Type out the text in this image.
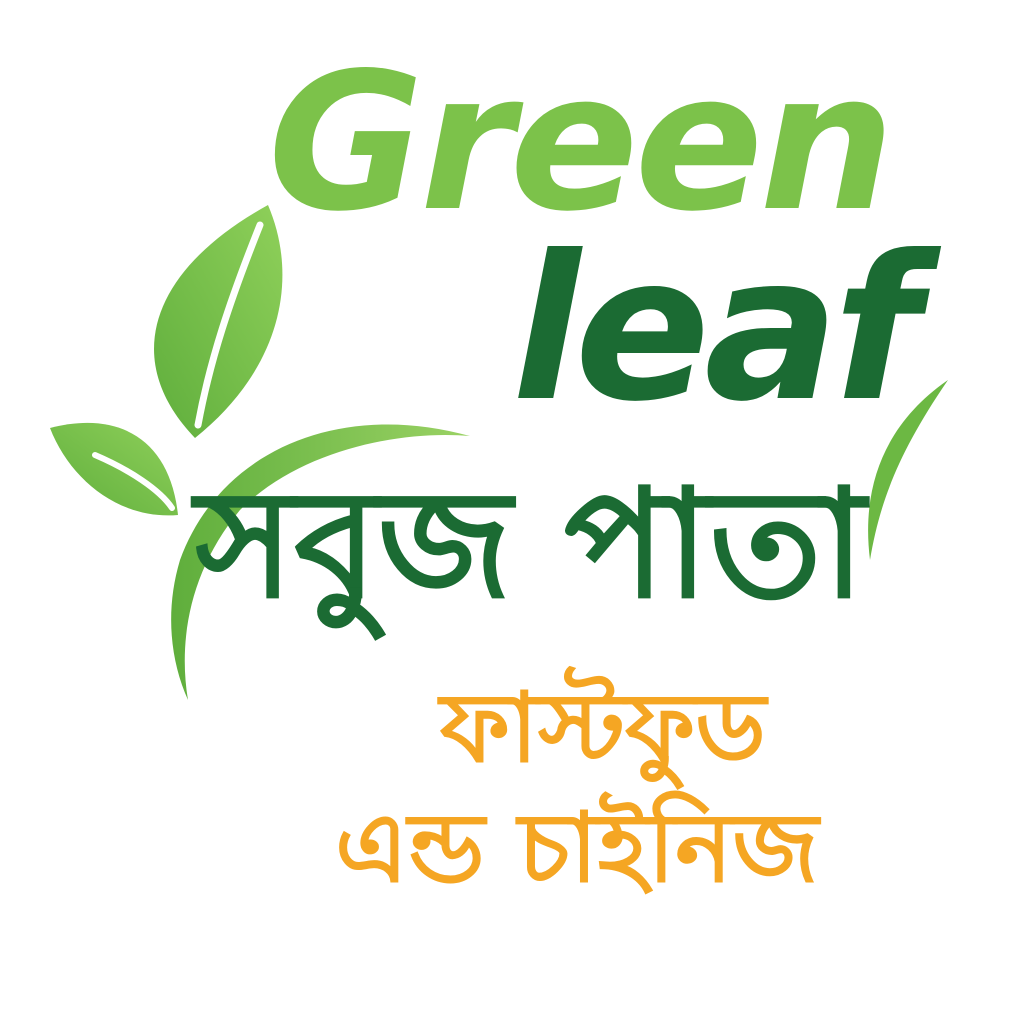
Green
leaf
সবুজ পাতা
ফাস্টফুড
এন্ড চাইনিজ
